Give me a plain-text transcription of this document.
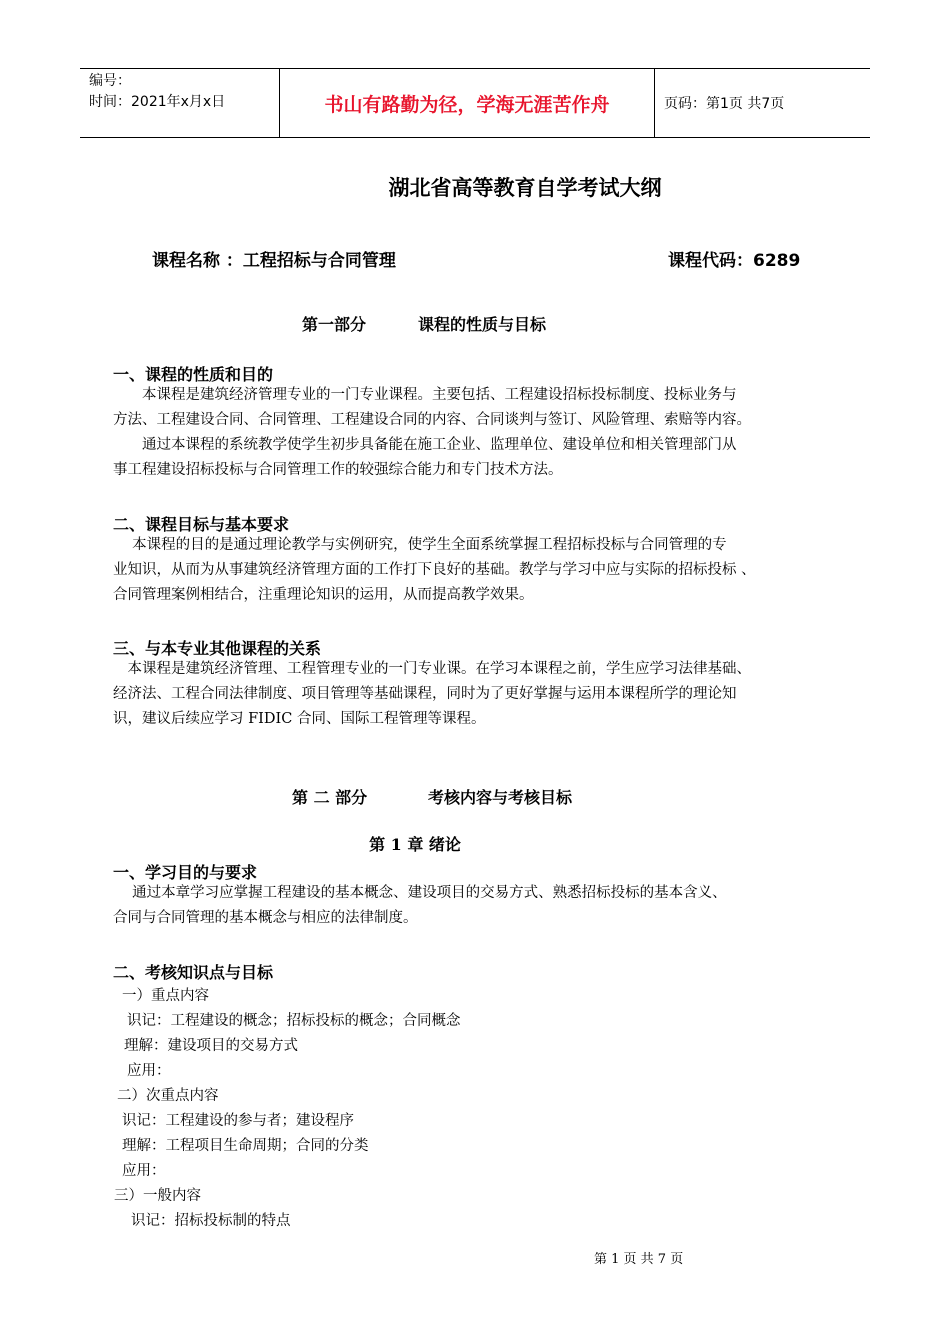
编号：
时间：2021年x月x日	书山有路勤为径，学海无涯苦作舟	页码：第1页 共7页
湖北省高等教育自学考试大纲
课程名称 ：工程招标与合同管理	课程代码：6289
第一部分	课程的性质与目标
一、课程的性质和目的
　　本课程是建筑经济管理专业的一门专业课程。主要包括、工程建设招标投标制度、投标业务与
方法、工程建设合同、合同管理、工程建设合同的内容、合同谈判与签订、风险管理、索赔等内容。
　　通过本课程的系统教学使学生初步具备能在施工企业、监理单位、建设单位和相关管理部门从
事工程建设招标投标与合同管理工作的较强综合能力和专门技术方法。
二、课程目标与基本要求
　 本课程的目的是通过理论教学与实例研究，使学生全面系统掌握工程招标投标与合同管理的专
业知识，从而为从事建筑经济管理方面的工作打下良好的基础。教学与学习中应与实际的招标投标 、
合同管理案例相结合，注重理论知识的运用，从而提高教学效果。
三、与本专业其他课程的关系
　本课程是建筑经济管理、工程管理专业的一门专业课。在学习本课程之前，学生应学习法律基础、
经济法、工程合同法律制度、项目管理等基础课程，同时为了更好掌握与运用本课程所学的理论知
识，建议后续应学习 FIDIC 合同、国际工程管理等课程。
第 二 部分	考核内容与考核目标
第 1 章 绪论
一、学习目的与要求
　 通过本章学习应掌握工程建设的基本概念、建设项目的交易方式、熟悉招标投标的基本含义、
合同与合同管理的基本概念与相应的法律制度。
二、考核知识点与目标
一）重点内容
识记：工程建设的概念；招标投标的概念；合同概念
理解：建设项目的交易方式
应用：
二）次重点内容
识记：工程建设的参与者；建设程序
理解：工程项目生命周期；合同的分类
应用：
三）一般内容
识记：招标投标制的特点
第 1 页 共 7 页
